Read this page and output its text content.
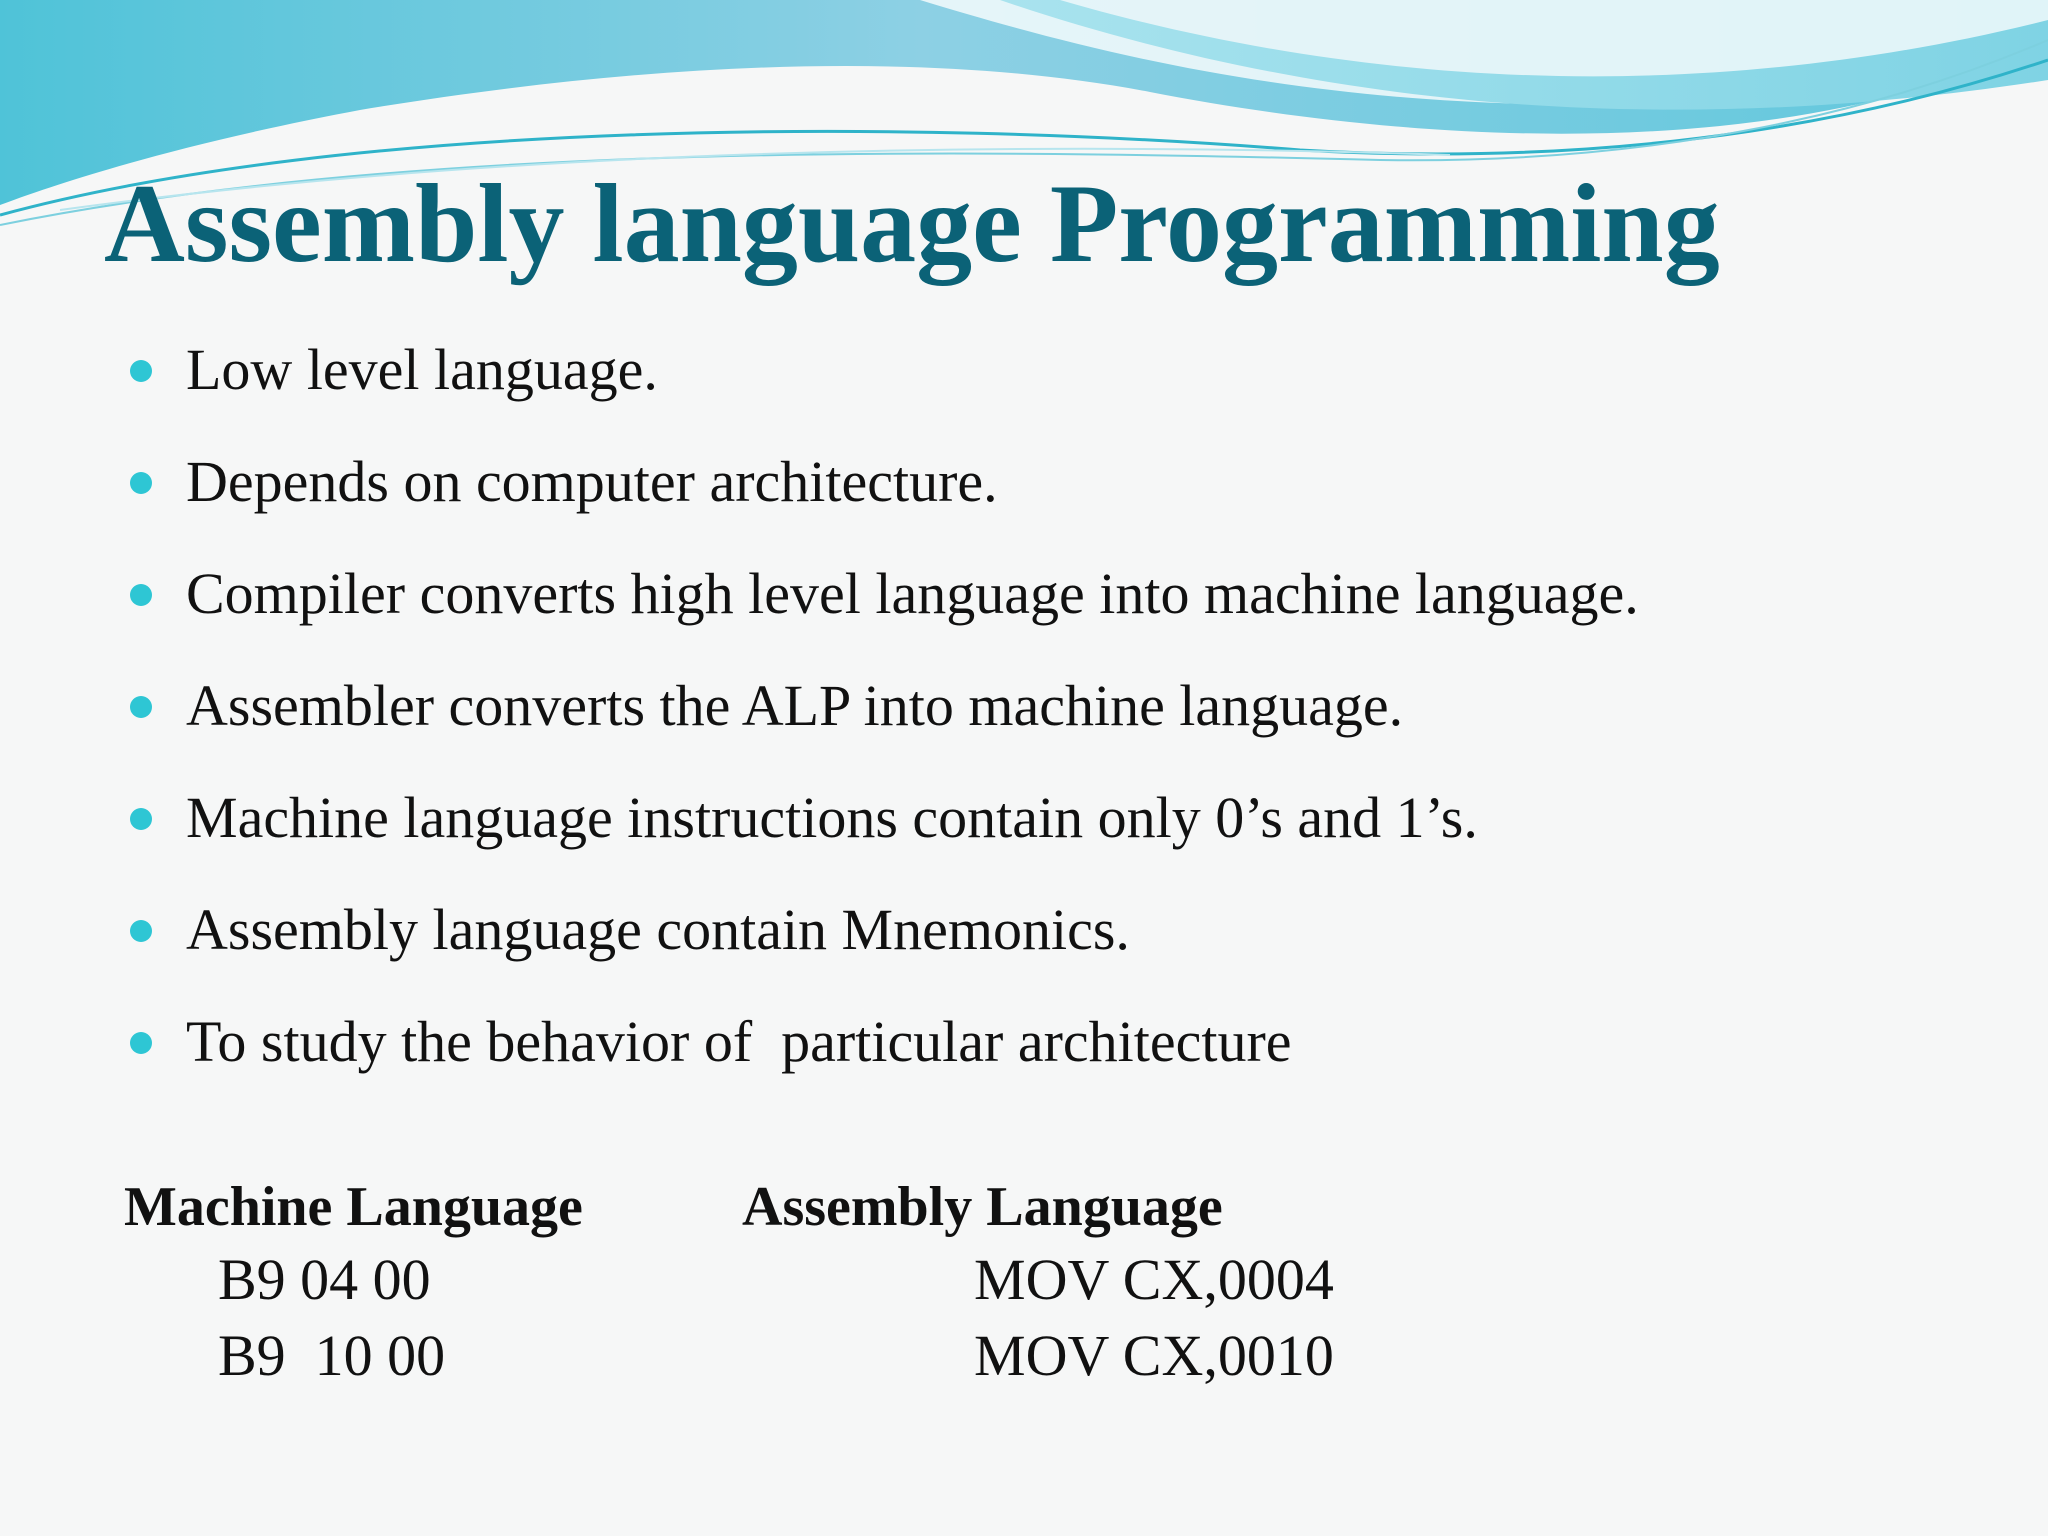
Assembly language Programming
Low level language.
Depends on computer architecture.
Compiler converts high level language into machine language.
Assembler converts the ALP into machine language.
Machine language instructions contain only 0’s and 1’s.
Assembly language contain Mnemonics.
To study the behavior of  particular architecture
Machine Language
B9 04 00
B9  10 00
Assembly Language
MOV CX,0004
MOV CX,0010
